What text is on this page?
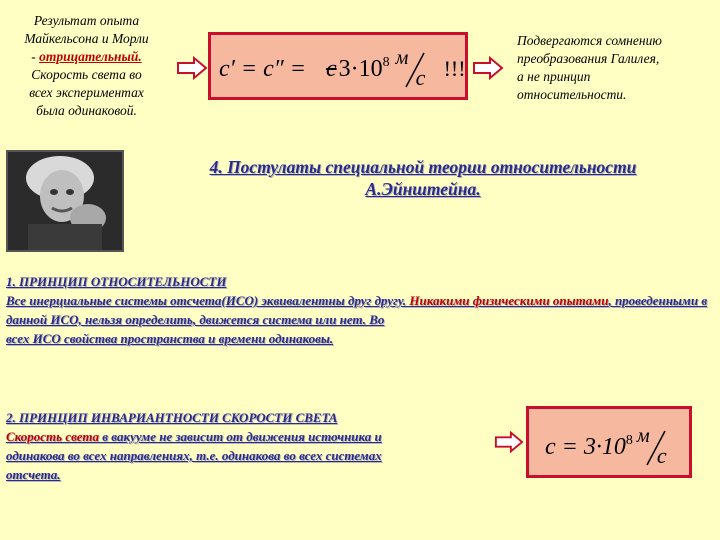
Результат опыта
Майкельсона и Морли
- отрицательный.
Скорость света во
всех экспериментах
была одинаковой.
c′ = c″ = c $3\cdot 10^8$ м
с !!!
Подвергаются сомнению
преобразования Галилея,
а не принцип
относительности.
4. Постулаты специальной теории относительности
А.Эйнштейна.
1. ПРИНЦИП ОТНОСИТЕЛЬНОСТИ
Все инерциальные системы отсчета(ИСО) эквивалентны друг другу. Никакими физическими опытами, проведенными в данной ИСО, нельзя определить, движется система или нет. Во
всех ИСО свойства пространства и времени одинаковы.
2. ПРИНЦИП ИНВАРИАНТНОСТИ СКОРОСТИ СВЕТА
Скорость света в вакууме не зависит от движения источника и
одинакова во всех направлениях, т.е. одинакова во всех системах
отсчета.
$c = 3\cdot 10^8$ м
с
